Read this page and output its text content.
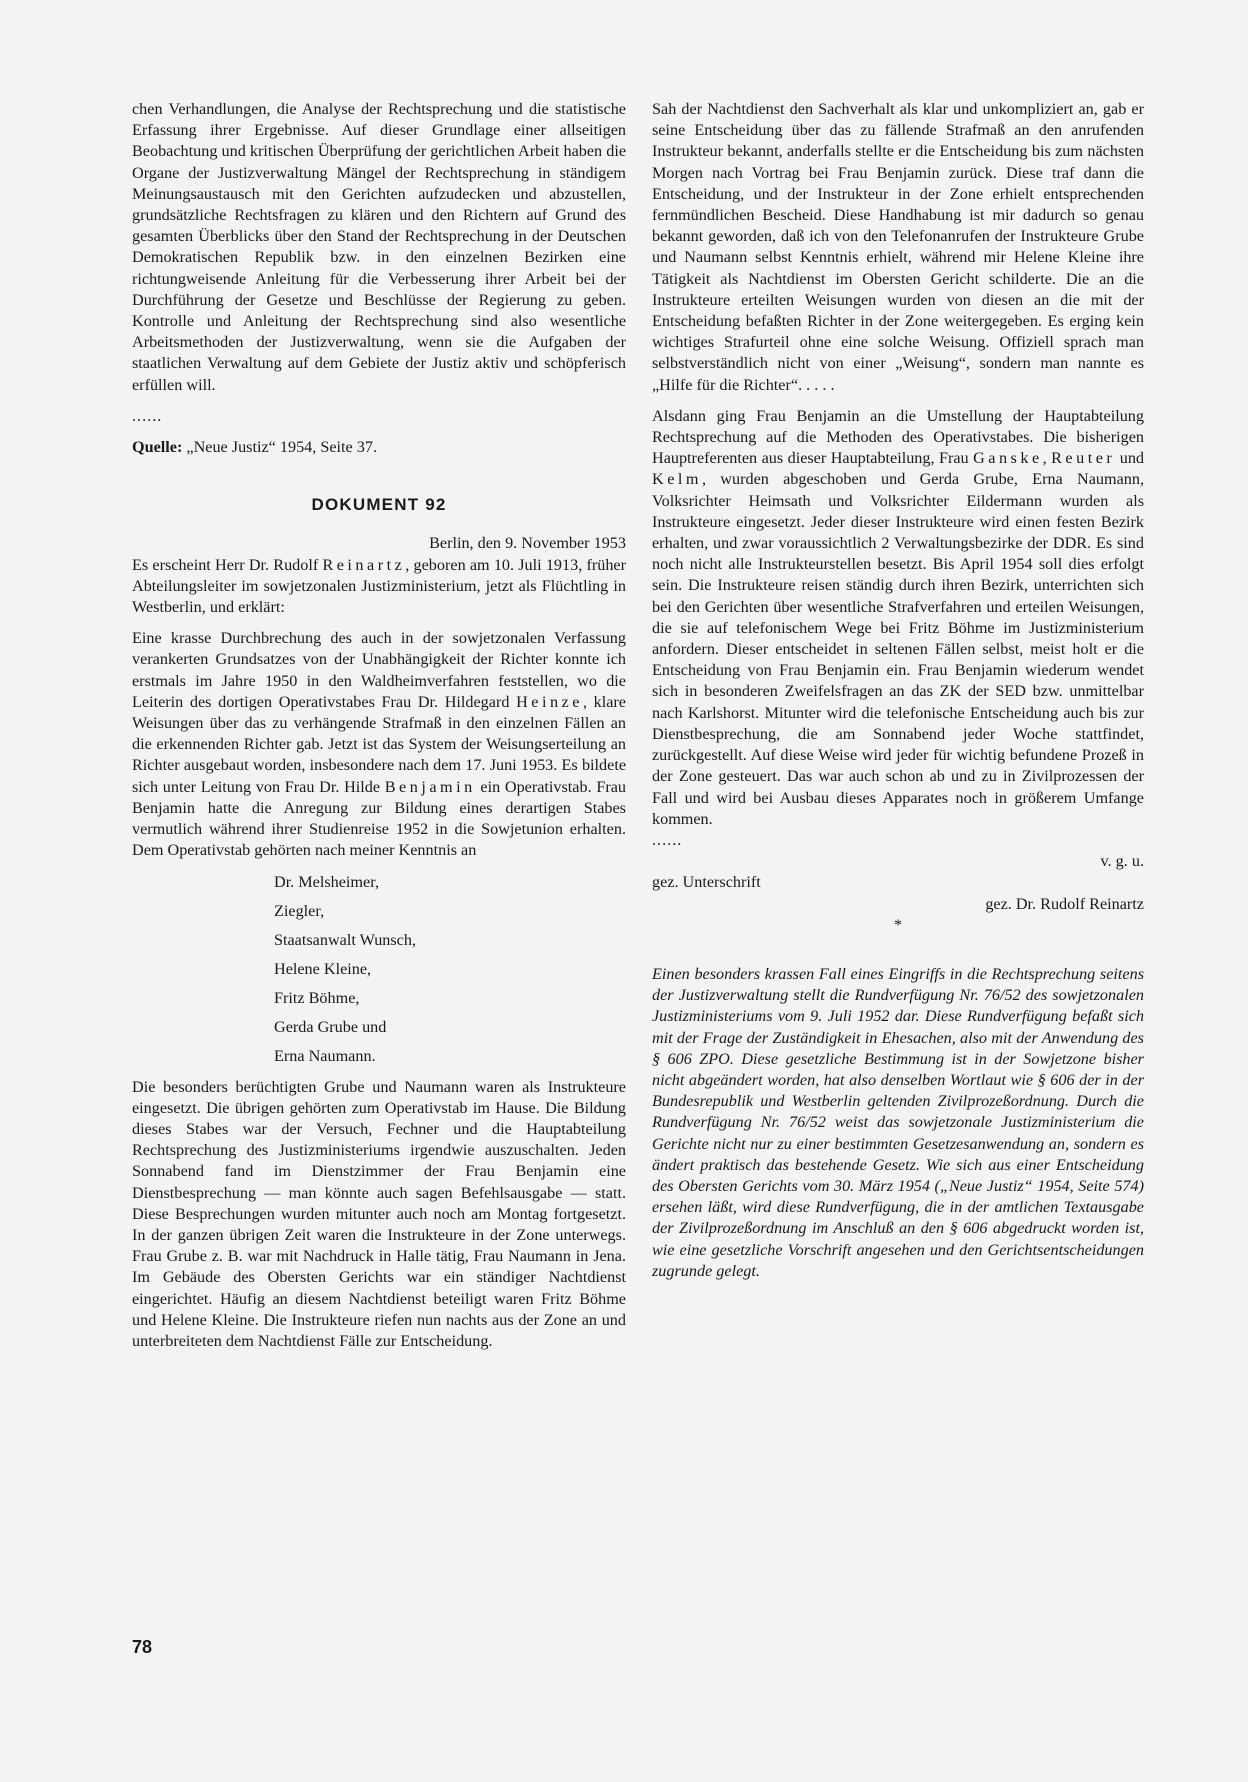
chen Verhandlungen, die Analyse der Rechtsprechung und die statistische Erfassung ihrer Ergebnisse. Auf dieser Grundlage einer allseitigen Beobachtung und kritischen Überprüfung der gerichtlichen Arbeit haben die Organe der Justizverwaltung Mängel der Rechtsprechung in ständigem Meinungsaustausch mit den Gerichten aufzudecken und abzustellen, grundsätzliche Rechtsfragen zu klären und den Richtern auf Grund des gesamten Überblicks über den Stand der Rechtsprechung in der Deutschen Demokratischen Republik bzw. in den einzelnen Bezirken eine richtungweisende Anleitung für die Verbesserung ihrer Arbeit bei der Durchführung der Gesetze und Beschlüsse der Regierung zu geben. Kontrolle und Anleitung der Rechtsprechung sind also wesentliche Arbeitsmethoden der Justizverwaltung, wenn sie die Aufgaben der staatlichen Verwaltung auf dem Gebiete der Justiz aktiv und schöpferisch erfüllen will.

......

Quelle: „Neue Justiz“ 1954, Seite 37.

DOKUMENT 92

Berlin, den 9. November 1953

Es erscheint Herr Dr. Rudolf Reinartz, geboren am 10. Juli 1913, früher Abteilungsleiter im sowjetzonalen Justizministerium, jetzt als Flüchtling in Westberlin, und erklärt:

Eine krasse Durchbrechung des auch in der sowjetzonalen Verfassung verankerten Grundsatzes von der Unabhängigkeit der Richter konnte ich erstmals im Jahre 1950 in den Waldheimverfahren feststellen, wo die Leiterin des dortigen Operativstabes Frau Dr. Hildegard Heinze, klare Weisungen über das zu verhängende Strafmaß in den einzelnen Fällen an die erkennenden Richter gab. Jetzt ist das System der Weisungserteilung an Richter ausgebaut worden, insbesondere nach dem 17. Juni 1953. Es bildete sich unter Leitung von Frau Dr. Hilde Benjamin ein Operativstab. Frau Benjamin hatte die Anregung zur Bildung eines derartigen Stabes vermutlich während ihrer Studienreise 1952 in die Sowjetunion erhalten. Dem Operativstab gehörten nach meiner Kenntnis an

Dr. Melsheimer,
Ziegler,
Staatsanwalt Wunsch,
Helene Kleine,
Fritz Böhme,
Gerda Grube und
Erna Naumann.

Die besonders berüchtigten Grube und Naumann waren als Instrukteure eingesetzt. Die übrigen gehörten zum Operativstab im Hause. Die Bildung dieses Stabes war der Versuch, Fechner und die Hauptabteilung Rechtsprechung des Justizministeriums irgendwie auszuschalten. Jeden Sonnabend fand im Dienstzimmer der Frau Benjamin eine Dienstbesprechung — man könnte auch sagen Befehlsausgabe — statt. Diese Besprechungen wurden mitunter auch noch am Montag fortgesetzt. In der ganzen übrigen Zeit waren die Instrukteure in der Zone unterwegs. Frau Grube z. B. war mit Nachdruck in Halle tätig, Frau Naumann in Jena. Im Gebäude des Obersten Gerichts war ein ständiger Nachtdienst eingerichtet. Häufig an diesem Nachtdienst beteiligt waren Fritz Böhme und Helene Kleine. Die Instrukteure riefen nun nachts aus der Zone an und unterbreiteten dem Nachtdienst Fälle zur Entscheidung.

Sah der Nachtdienst den Sachverhalt als klar und unkompliziert an, gab er seine Entscheidung über das zu fällende Strafmaß an den anrufenden Instrukteur bekannt, anderfalls stellte er die Entscheidung bis zum nächsten Morgen nach Vortrag bei Frau Benjamin zurück. Diese traf dann die Entscheidung, und der Instrukteur in der Zone erhielt entsprechenden fernmündlichen Bescheid. Diese Handhabung ist mir dadurch so genau bekannt geworden, daß ich von den Telefonanrufen der Instrukteure Grube und Naumann selbst Kenntnis erhielt, während mir Helene Kleine ihre Tätigkeit als Nachtdienst im Obersten Gericht schilderte. Die an die Instrukteure erteilten Weisungen wurden von diesen an die mit der Entscheidung befaßten Richter in der Zone weitergegeben. Es erging kein wichtiges Strafurteil ohne eine solche Weisung. Offiziell sprach man selbstverständlich nicht von einer „Weisung“, sondern man nannte es „Hilfe für die Richter“. . . . .

Alsdann ging Frau Benjamin an die Umstellung der Hauptabteilung Rechtsprechung auf die Methoden des Operativstabes. Die bisherigen Hauptreferenten aus dieser Hauptabteilung, Frau Ganske, Reuter und Kelm, wurden abgeschoben und Gerda Grube, Erna Naumann, Volksrichter Heimsath und Volksrichter Eildermann wurden als Instrukteure eingesetzt. Jeder dieser Instrukteure wird einen festen Bezirk erhalten, und zwar voraussichtlich 2 Verwaltungsbezirke der DDR. Es sind noch nicht alle Instrukteurstellen besetzt. Bis April 1954 soll dies erfolgt sein. Die Instrukteure reisen ständig durch ihren Bezirk, unterrichten sich bei den Gerichten über wesentliche Strafverfahren und erteilen Weisungen, die sie auf telefonischem Wege bei Fritz Böhme im Justizministerium anfordern. Dieser entscheidet in seltenen Fällen selbst, meist holt er die Entscheidung von Frau Benjamin ein. Frau Benjamin wiederum wendet sich in besonderen Zweifelsfragen an das ZK der SED bzw. unmittelbar nach Karlshorst. Mitunter wird die telefonische Entscheidung auch bis zur Dienstbesprechung, die am Sonnabend jeder Woche stattfindet, zurückgestellt. Auf diese Weise wird jeder für wichtig befundene Prozeß in der Zone gesteuert. Das war auch schon ab und zu in Zivilprozessen der Fall und wird bei Ausbau dieses Apparates noch in größerem Umfange kommen.

......

v. g. u.

gez. Unterschrift

gez. Dr. Rudolf Reinartz

*

Einen besonders krassen Fall eines Eingriffs in die Rechtsprechung seitens der Justizverwaltung stellt die Rundverfügung Nr. 76/52 des sowjetzonalen Justizministeriums vom 9. Juli 1952 dar. Diese Rundverfügung befaßt sich mit der Frage der Zuständigkeit in Ehesachen, also mit der Anwendung des § 606 ZPO. Diese gesetzliche Bestimmung ist in der Sowjetzone bisher nicht abgeändert worden, hat also denselben Wortlaut wie § 606 der in der Bundesrepublik und Westberlin geltenden Zivilprozeßordnung. Durch die Rundverfügung Nr. 76/52 weist das sowjetzonale Justizministerium die Gerichte nicht nur zu einer bestimmten Gesetzesanwendung an, sondern es ändert praktisch das bestehende Gesetz. Wie sich aus einer Entscheidung des Obersten Gerichts vom 30. März 1954 („Neue Justiz“ 1954, Seite 574) ersehen läßt, wird diese Rundverfügung, die in der amtlichen Textausgabe der Zivilprozeßordnung im Anschluß an den § 606 abgedruckt worden ist, wie eine gesetzliche Vorschrift angesehen und den Gerichtsentscheidungen zugrunde gelegt.

78
